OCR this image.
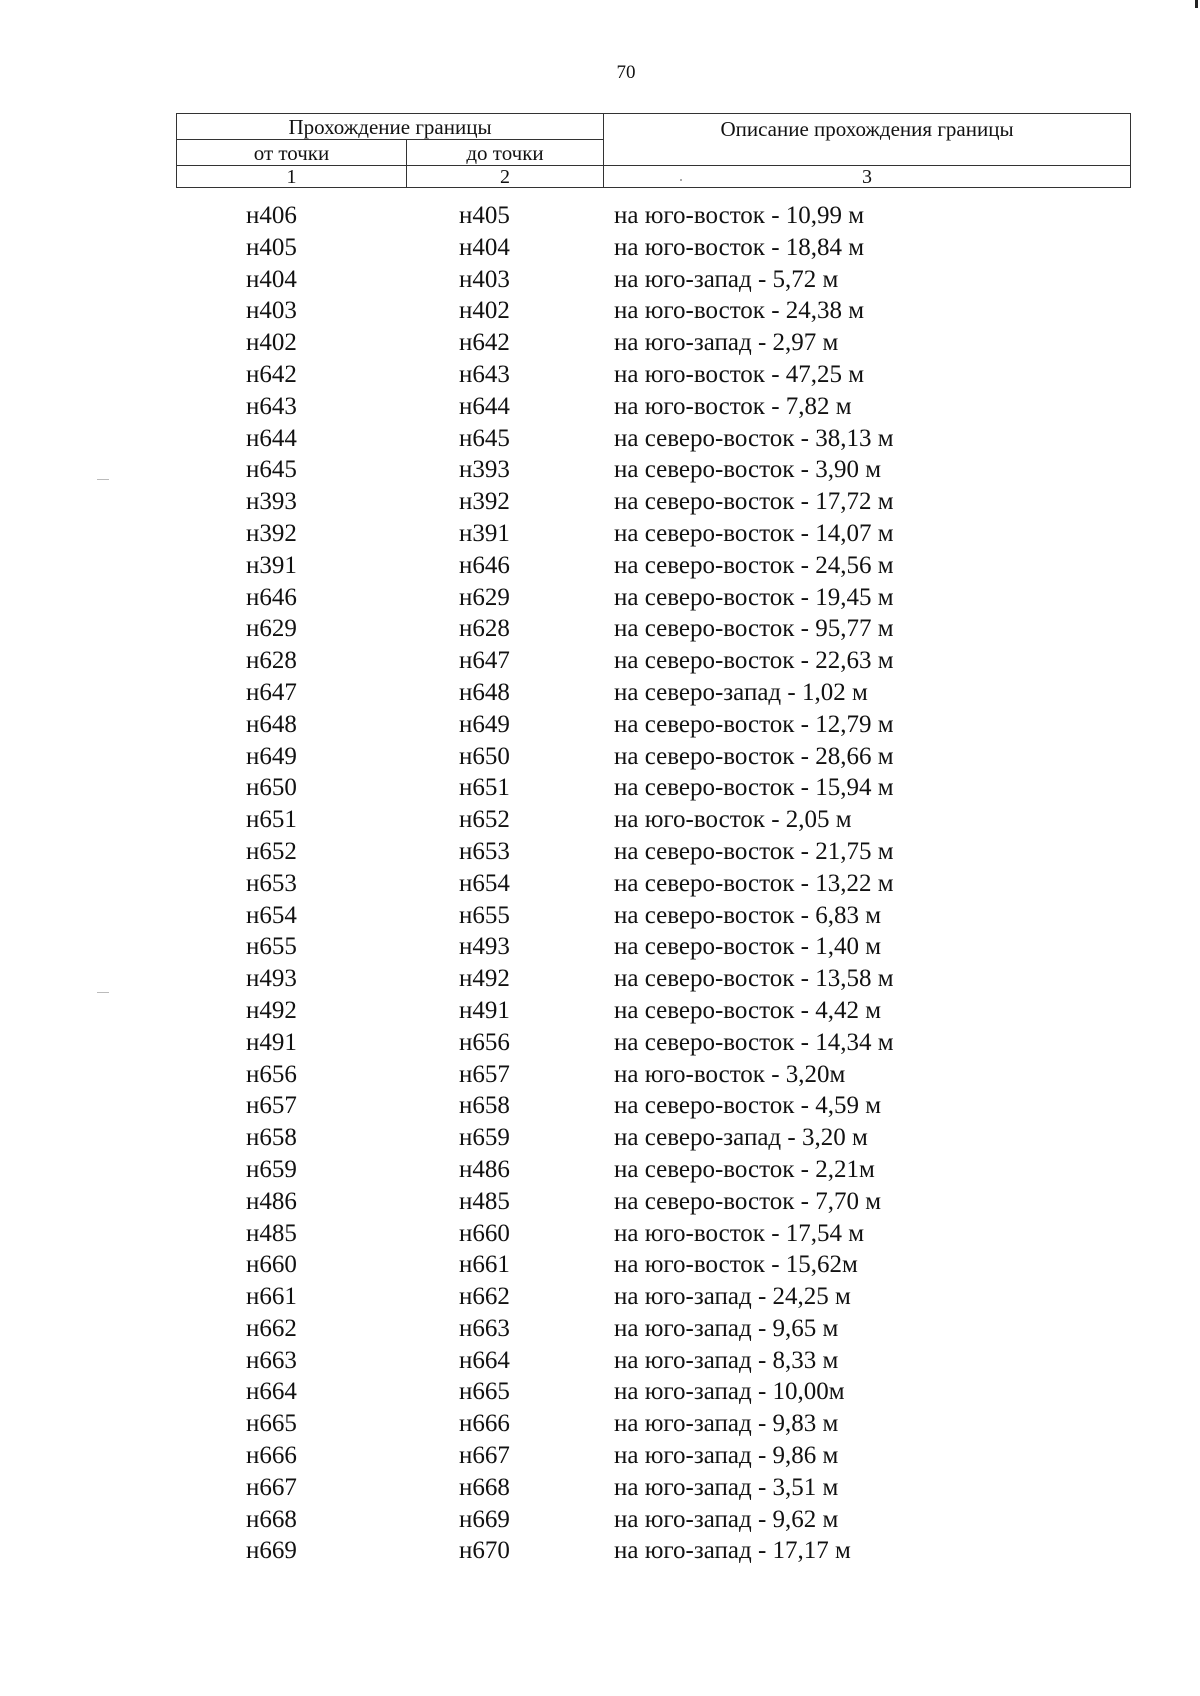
70
Прохождение границы		Описание прохождения границы
от точки	до точки	
1	2	3
н406	н405	на юго-восток - 10,99 м
н405	н404	на юго-восток - 18,84 м
н404	н403	на юго-запад - 5,72 м
н403	н402	на юго-восток - 24,38 м
н402	н642	на юго-запад - 2,97 м
н642	н643	на юго-восток - 47,25 м
н643	н644	на юго-восток - 7,82 м
н644	н645	на северо-восток - 38,13 м
н645	н393	на северо-восток - 3,90 м
н393	н392	на северо-восток - 17,72 м
н392	н391	на северо-восток - 14,07 м
н391	н646	на северо-восток - 24,56 м
н646	н629	на северо-восток - 19,45 м
н629	н628	на северо-восток - 95,77 м
н628	н647	на северо-восток - 22,63 м
н647	н648	на северо-запад - 1,02 м
н648	н649	на северо-восток - 12,79 м
н649	н650	на северо-восток - 28,66 м
н650	н651	на северо-восток - 15,94 м
н651	н652	на юго-восток - 2,05 м
н652	н653	на северо-восток - 21,75 м
н653	н654	на северо-восток - 13,22 м
н654	н655	на северо-восток - 6,83 м
н655	н493	на северо-восток - 1,40 м
н493	н492	на северо-восток - 13,58 м
н492	н491	на северо-восток - 4,42 м
н491	н656	на северо-восток - 14,34 м
н656	н657	на юго-восток - 3,20м
н657	н658	на северо-восток - 4,59 м
н658	н659	на северо-запад - 3,20 м
н659	н486	на северо-восток - 2,21м
н486	н485	на северо-восток - 7,70 м
н485	н660	на юго-восток - 17,54 м
н660	н661	на юго-восток - 15,62м
н661	н662	на юго-запад - 24,25 м
н662	н663	на юго-запад - 9,65 м
н663	н664	на юго-запад - 8,33 м
н664	н665	на юго-запад - 10,00м
н665	н666	на юго-запад - 9,83 м
н666	н667	на юго-запад - 9,86 м
н667	н668	на юго-запад - 3,51 м
н668	н669	на юго-запад - 9,62 м
н669	н670	на юго-запад - 17,17 м
